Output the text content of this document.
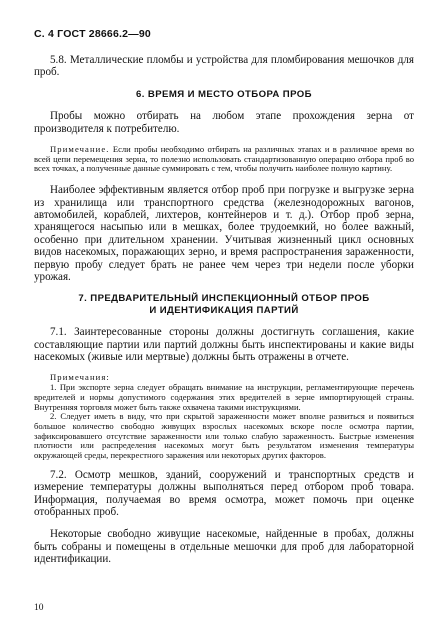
С. 4 ГОСТ 28666.2—90

5.8. Металлические пломбы и устройства для пломбирования мешочков для проб.

6. ВРЕМЯ И МЕСТО ОТБОРА ПРОБ

Пробы можно отбирать на любом этапе прохождения зерна от производителя к потребителю.

Примечание. Если пробы необходимо отбирать на различных этапах и в различное время во всей цепи перемещения зерна, то полезно использовать стандартизованную операцию отбора проб во всех точках, а полученные данные суммировать с тем, чтобы получить наиболее полную картину.

Наиболее эффективным является отбор проб при погрузке и выгрузке зерна из хранилища или транспортного средства (железнодорожных вагонов, автомобилей, кораблей, лихтеров, контейнеров и т. д.). Отбор проб зерна, хранящегося насыпью или в мешках, более трудоемкий, но более важный, особенно при длительном хранении. Учитывая жизненный цикл основных видов насекомых, поражающих зерно, и время распространения зараженности, первую пробу следует брать не ранее чем через три недели после уборки урожая.

7. ПРЕДВАРИТЕЛЬНЫЙ ИНСПЕКЦИОННЫЙ ОТБОР ПРОБ
И ИДЕНТИФИКАЦИЯ ПАРТИЙ

7.1. Заинтересованные стороны должны достигнуть соглашения, какие составляющие партии или партий должны быть инспектированы и какие виды насекомых (живые или мертвые) должны быть отражены в отчете.

Примечания:

1. При экспорте зерна следует обращать внимание на инструкции, регламентирующие перечень вредителей и нормы допустимого содержания этих вредителей в зерне импортирующей страны. Внутренняя торговля может быть также охвачена такими инструкциями.

2. Следует иметь в виду, что при скрытой зараженности может вполне развиться и появиться большое количество свободно живущих взрослых насекомых вскоре после осмотра партии, зафиксировавшего отсутствие зараженности или только слабую зараженность. Быстрые изменения плотности или распределения насекомых могут быть результатом изменения температуры окружающей среды, перекрестного заражения или некоторых других факторов.

7.2. Осмотр мешков, зданий, сооружений и транспортных средств и измерение температуры должны выполняться перед отбором проб товара. Информация, получаемая во время осмотра, может помочь при оценке отобранных проб.

Некоторые свободно живущие насекомые, найденные в пробах, должны быть собраны и помещены в отдельные мешочки для проб для лабораторной идентификации.

10
